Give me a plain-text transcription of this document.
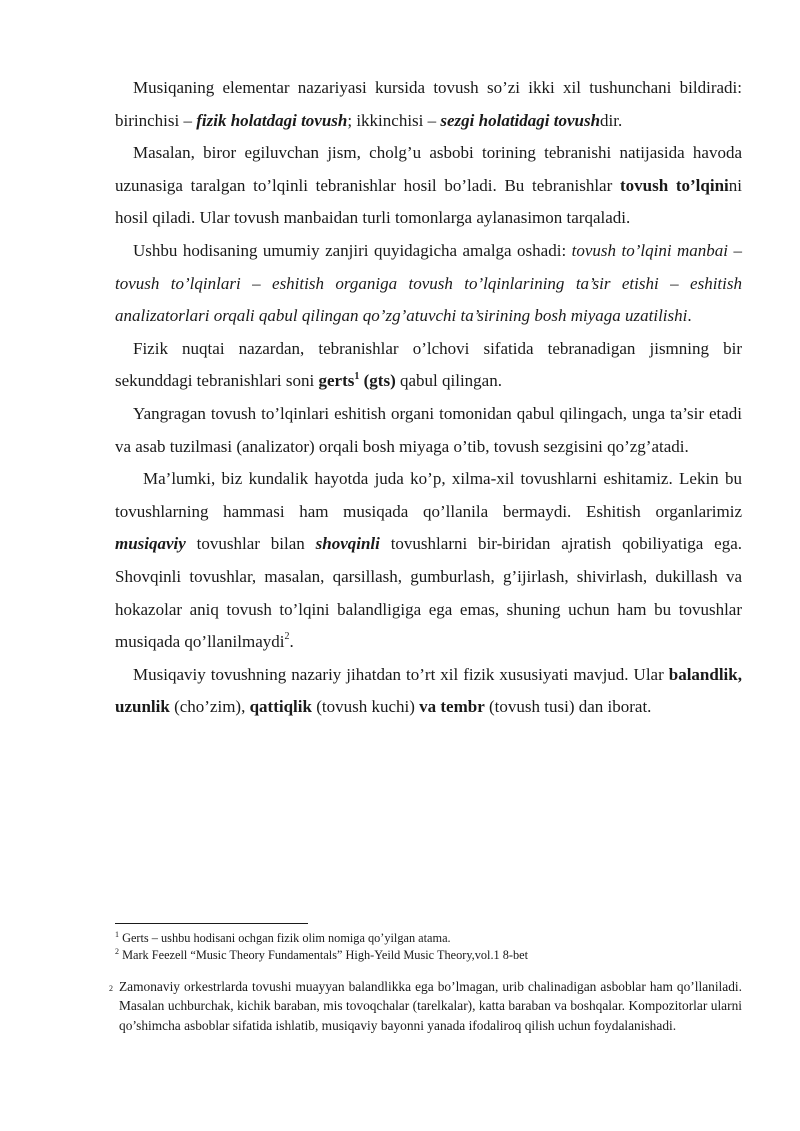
Musiqaning elementar nazariyasi kursida tovush so’zi ikki xil tushunchani bildiradi: birinchisi – fizik holatdagi tovush; ikkinchisi – sezgi holatidagi tovushdir.

Masalan, biror egiluvchan jism, cholg’u asbobi torining tebranishi natijasida havoda uzunasiga taralgan to’lqinli tebranishlar hosil bo’ladi. Bu tebranishlar tovush to’lqinini hosil qiladi. Ular tovush manbaidan turli tomonlarga aylanasimon tarqaladi.

Ushbu hodisaning umumiy zanjiri quyidagicha amalga oshadi: tovush to’lqini manbai – tovush to’lqinlari – eshitish organiga tovush to’lqinlarining ta’sir etishi – eshitish analizatorlari orqali qabul qilingan qo’zg’atuvchi ta’sirining bosh miyaga uzatilishi.

Fizik nuqtai nazardan, tebranishlar o’lchovi sifatida tebranadigan jismning bir sekunddagi tebranishlari soni gerts$^1$ (gts) qabul qilingan.

Yangragan tovush to’lqinlari eshitish organi tomonidan qabul qilingach, unga ta’sir etadi va asab tuzilmasi (analizator) orqali bosh miyaga o’tib, tovush sezgisini qo’zg’atadi.

Ma’lumki, biz kundalik hayotda juda ko’p, xilma-xil tovushlarni eshitamiz. Lekin bu tovushlarning hammasi ham musiqada qo’llanila bermaydi. Eshitish organlarimiz musiqaviy tovushlar bilan shovqinli tovushlarni bir-biridan ajratish qobiliyatiga ega. Shovqinli tovushlar, masalan, qarsillash, gumburlash, g’ijirlash, shivirlash, dukillash va hokazolar aniq tovush to’lqini balandligiga ega emas, shuning uchun ham bu tovushlar musiqada qo’llanilmaydi$^2$.

Musiqaviy tovushning nazariy jihatdan to’rt xil fizik xususiyati mavjud. Ular balandlik, uzunlik (cho’zim), qattiqlik (tovush kuchi) va tembr (tovush tusi) dan iborat.

$^1$ Gerts – ushbu hodisani ochgan fizik olim nomiga qo’yilgan atama.

$^2$ Mark Feezell “Music Theory Fundamentals” High-Yeild Music Theory,vol.1 8-bet

2 Zamonaviy orkestrlarda tovushi muayyan balandlikka ega bo’lmagan, urib chalinadigan asboblar ham qo’llaniladi. Masalan uchburchak, kichik baraban, mis tovoqchalar (tarelkalar), katta baraban va boshqalar. Kompozitorlar ularni qo’shimcha asboblar sifatida ishlatib, musiqaviy bayonni yanada ifodaliroq qilish uchun foydalanishadi.
